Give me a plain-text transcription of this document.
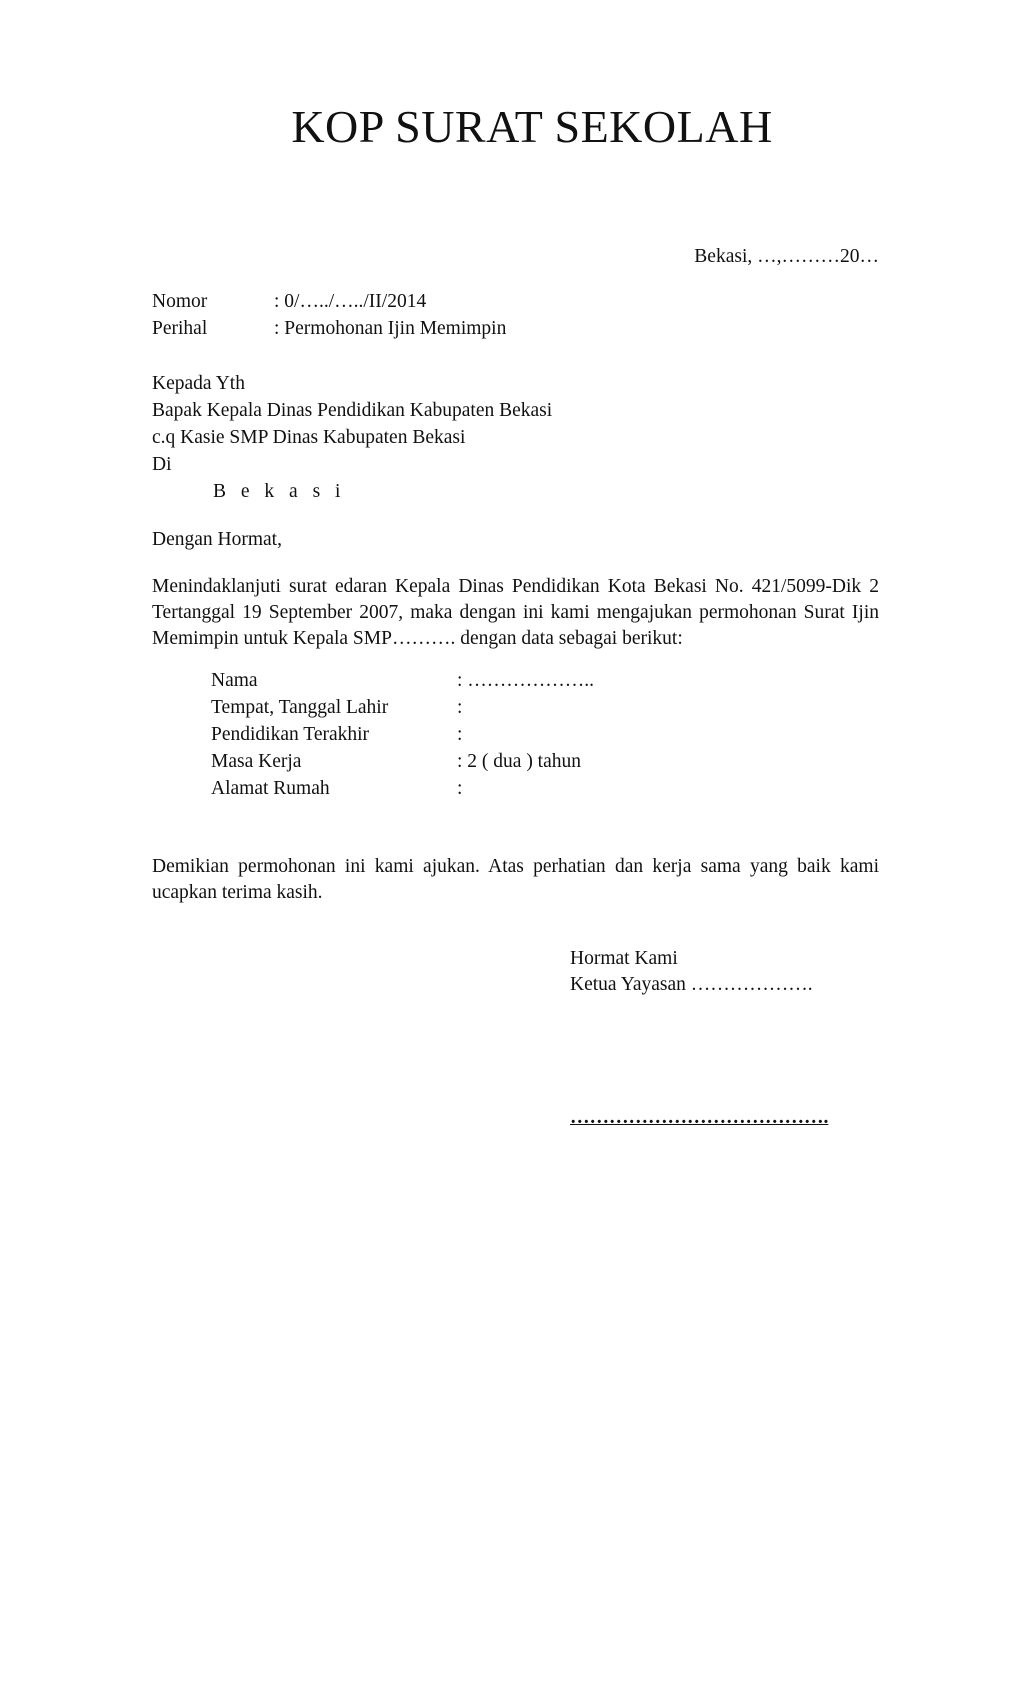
KOP SURAT SEKOLAH
Bekasi, …,………20…
Nomor	: 0/…../…../II/2014
Perihal	: Permohonan Ijin Memimpin
Kepada Yth
Bapak Kepala Dinas Pendidikan Kabupaten Bekasi
c.q Kasie SMP Dinas Kabupaten Bekasi
Di
B e k a s i
Dengan Hormat,
Menindaklanjuti surat edaran Kepala Dinas Pendidikan Kota Bekasi No. 421/5099-Dik 2 Tertanggal 19 September 2007, maka dengan ini kami mengajukan permohonan Surat Ijin Memimpin untuk Kepala SMP………. dengan data sebagai berikut:
Nama	: ………………..
Tempat, Tanggal Lahir	:
Pendidikan Terakhir	:
Masa Kerja	: 2 ( dua ) tahun
Alamat Rumah	:
Demikian permohonan ini kami ajukan. Atas perhatian dan kerja sama yang baik kami ucapkan terima kasih.
Hormat Kami
Ketua Yayasan ……………….
………………………………….
